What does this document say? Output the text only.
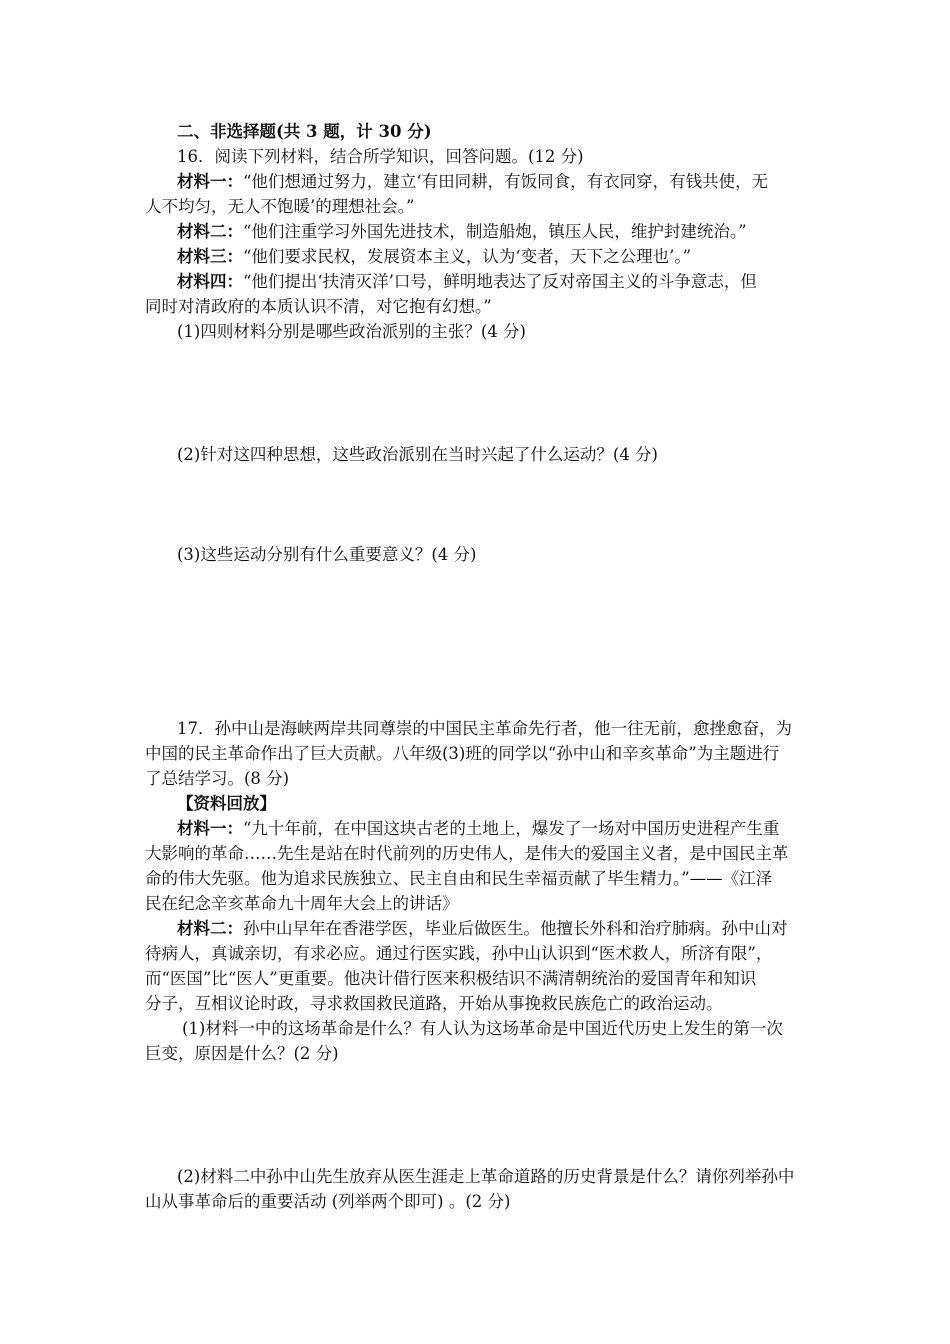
二、非选择题(共 3 题，计 30 分)
16．阅读下列材料，结合所学知识，回答问题。(12 分)
材料一：“他们想通过努力，建立‘有田同耕，有饭同食，有衣同穿，有钱共使，无
人不均匀，无人不饱暖’的理想社会。”
材料二：“他们注重学习外国先进技术，制造船炮，镇压人民，维护封建统治。”
材料三：“他们要求民权，发展资本主义，认为‘变者，天下之公理也’。”
材料四：“他们提出‘扶清灭洋’口号，鲜明地表达了反对帝国主义的斗争意志，但
同时对清政府的本质认识不清，对它抱有幻想。”
(1)四则材料分别是哪些政治派别的主张？(4 分)
(2)针对这四种思想，这些政治派别在当时兴起了什么运动？(4 分)
(3)这些运动分别有什么重要意义？(4 分)
17．孙中山是海峡两岸共同尊崇的中国民主革命先行者，他一往无前，愈挫愈奋，为
中国的民主革命作出了巨大贡献。八年级(3)班的同学以“孙中山和辛亥革命”为主题进行
了总结学习。(8 分)
【资料回放】
材料一：“九十年前，在中国这块古老的土地上，爆发了一场对中国历史进程产生重
大影响的革命……先生是站在时代前列的历史伟人，是伟大的爱国主义者，是中国民主革
命的伟大先驱。他为追求民族独立、民主自由和民生幸福贡献了毕生精力。”——《江泽
民在纪念辛亥革命九十周年大会上的讲话》
材料二：孙中山早年在香港学医，毕业后做医生。他擅长外科和治疗肺病。孙中山对
待病人，真诚亲切，有求必应。通过行医实践，孙中山认识到“医术救人，所济有限”，
而“医国”比“医人”更重要。他决计借行医来积极结识不满清朝统治的爱国青年和知识
分子，互相议论时政，寻求救国救民道路，开始从事挽救民族危亡的政治运动。
(1)材料一中的这场革命是什么？有人认为这场革命是中国近代历史上发生的第一次
巨变，原因是什么？(2 分)
(2)材料二中孙中山先生放弃从医生涯走上革命道路的历史背景是什么？请你列举孙中
山从事革命后的重要活动 (列举两个即可) 。(2 分)
